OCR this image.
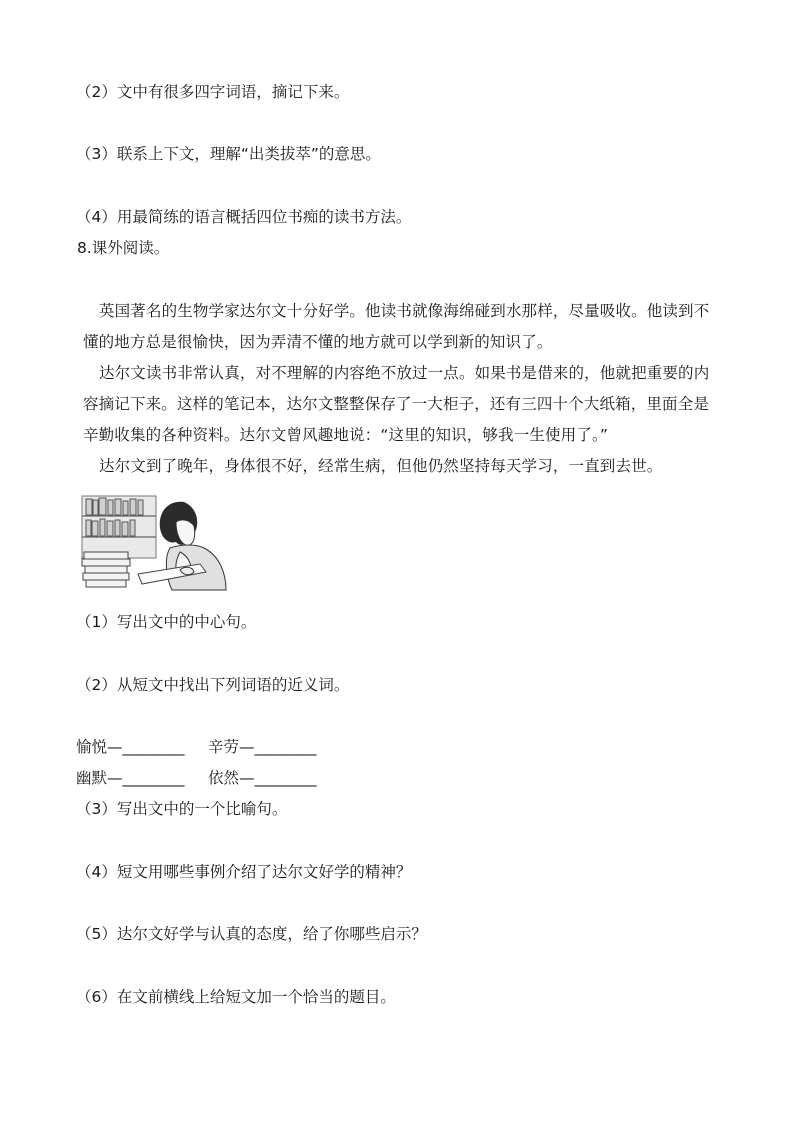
（2）文中有很多四字词语，摘记下来。
（3）联系上下文，理解“出类拔萃”的意思。
（4）用最简练的语言概括四位书痴的读书方法。
8.课外阅读。
英国著名的生物学家达尔文十分好学。他读书就像海绵碰到水那样，尽量吸收。他读到不懂的地方总是很愉快，因为弄清不懂的地方就可以学到新的知识了。
达尔文读书非常认真，对不理解的内容绝不放过一点。如果书是借来的，他就把重要的内容摘记下来。这样的笔记本，达尔文整整保存了一大柜子，还有三四十个大纸箱，里面全是辛勤收集的各种资料。达尔文曾风趣地说：“这里的知识，够我一生使用了。”
达尔文到了晚年，身体很不好，经常生病，但他仍然坚持每天学习，一直到去世。
（1）写出文中的中心句。
（2）从短文中找出下列词语的近义词。
愉悦—________ 辛劳—________
幽默—________ 依然—________
（3）写出文中的一个比喻句。
（4）短文用哪些事例介绍了达尔文好学的精神？
（5）达尔文好学与认真的态度，给了你哪些启示？
（6）在文前横线上给短文加一个恰当的题目。
